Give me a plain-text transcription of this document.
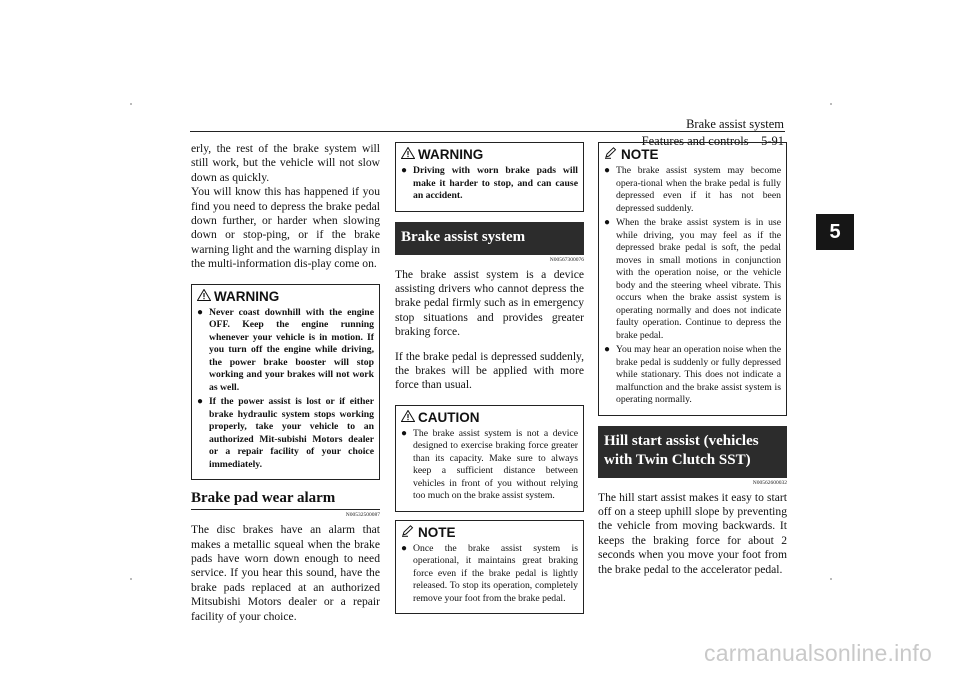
Brake assist system
Features and controls 5-91
5

erly, the rest of the brake system will still work, but the vehicle will not slow down as quickly.

You will know this has happened if you find you need to depress the brake pedal down further, or harder when slowing down or stop-ping, or if the brake warning light and the warning display in the multi-information dis-play come on.

WARNING
● Never coast downhill with the engine OFF. Keep the engine running whenever your vehicle is in motion. If you turn off the engine while driving, the power brake booster will stop working and your brakes will not work as well.
● If the power assist is lost or if either brake hydraulic system stops working properly, take your vehicle to an authorized Mit-subishi Motors dealer or a repair facility of your choice immediately.
Brake pad wear alarm
N00532500087

The disc brakes have an alarm that makes a metallic squeal when the brake pads have worn down enough to need service. If you hear this sound, have the brake pads replaced at an authorized Mitsubishi Motors dealer or a repair facility of your choice.

WARNING
● Driving with worn brake pads will make it harder to stop, and can cause an accident.
Brake assist system
N00567300076

The brake assist system is a device assisting drivers who cannot depress the brake pedal firmly such as in emergency stop situations and provides greater braking force.

If the brake pedal is depressed suddenly, the brakes will be applied with more force than usual.

CAUTION
● The brake assist system is not a device designed to exercise braking force greater than its capacity. Make sure to always keep a sufficient distance between vehicles in front of you without relying too much on the brake assist system.
NOTE
● Once the brake assist system is operational, it maintains great braking force even if the brake pedal is lightly released. To stop its operation, completely remove your foot from the brake pedal.
NOTE
● The brake assist system may become opera-tional when the brake pedal is fully depressed even if it has not been depressed suddenly.
● When the brake assist system is in use while driving, you may feel as if the depressed brake pedal is soft, the pedal moves in small motions in conjunction with the operation noise, or the vehicle body and the steering wheel vibrate. This occurs when the brake assist system is operating normally and does not indicate faulty operation. Continue to depress the brake pedal.
● You may hear an operation noise when the brake pedal is suddenly or fully depressed while stationary. This does not indicate a malfunction and the brake assist system is operating normally.
Hill start assist (vehicles with Twin Clutch SST)
N00562600032

The hill start assist makes it easy to start off on a steep uphill slope by preventing the vehicle from moving backwards. It keeps the braking force for about 2 seconds when you move your foot from the brake pedal to the accelerator pedal.

carmanualsonline.info
